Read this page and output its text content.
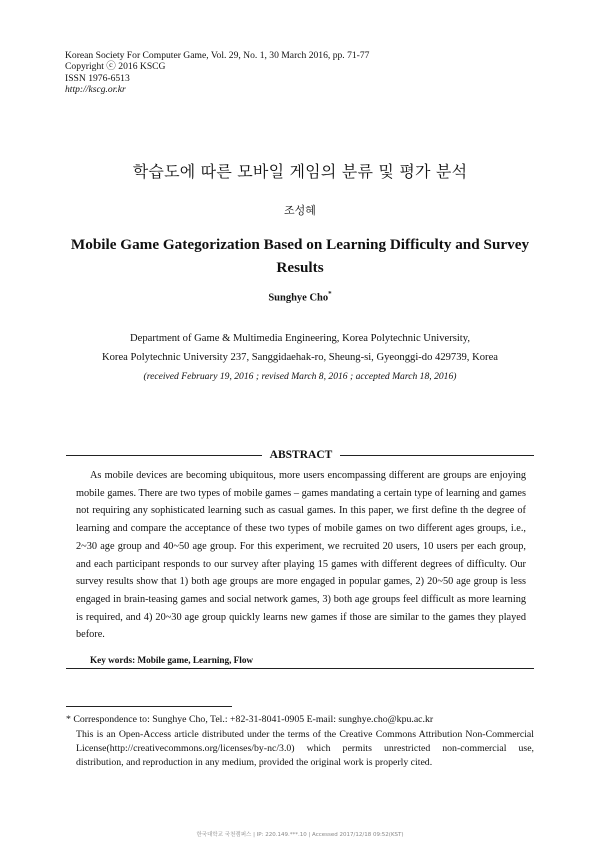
Korean Society For Computer Game, Vol. 29, No. 1, 30 March 2016, pp. 71-77
Copyright ⓒ 2016 KSCG
ISSN 1976-6513
http://kscg.or.kr
학습도에 따른 모바일 게임의 분류 및 평가 분석
조성혜
Mobile Game Gategorization Based on Learning Difficulty and Survey Results
Sunghye Cho*
Department of Game & Multimedia Engineering, Korea Polytechnic University,
Korea Polytechnic University 237, Sanggidaehak-ro, Sheung-si, Gyeonggi-do 429739, Korea
(received February 19, 2016 ; revised March 8, 2016 ; accepted March 18, 2016)
ABSTRACT
As mobile devices are becoming ubiquitous, more users encompassing different are groups are enjoying mobile games. There are two types of mobile games – games mandating a certain type of learning and games not requiring any sophisticated learning such as casual games. In this paper, we first define th the degree of learning and compare the acceptance of these two types of mobile games on two different ages groups, i.e., 2~30 age group and 40~50 age group. For this experiment, we recruited 20 users, 10 users per each group, and each participant responds to our survey after playing 15 games with different degrees of difficulty. Our survey results show that 1) both age groups are more engaged in popular games, 2) 20~50 age group is less engaged in brain-teasing games and social network games, 3) both age groups feel difficult as more learning is required, and 4) 20~30 age group quickly learns new games if those are similar to the games they played before.
Key words: Mobile game, Learning, Flow
* Correspondence to: Sunghye Cho, Tel.: +82-31-8041-0905 E-mail: sunghye.cho@kpu.ac.kr
This is an Open-Access article distributed under the terms of the Creative Commons Attribution Non-Commercial License(http://creativecommons.org/licenses/by-nc/3.0) which permits unrestricted non-commercial use, distribution, and reproduction in any medium, provided the original work is properly cited.
한국대학교 국천캠퍼스 | IP: 220.149.***.10 | Accessed 2017/12/18 09:52(KST)
